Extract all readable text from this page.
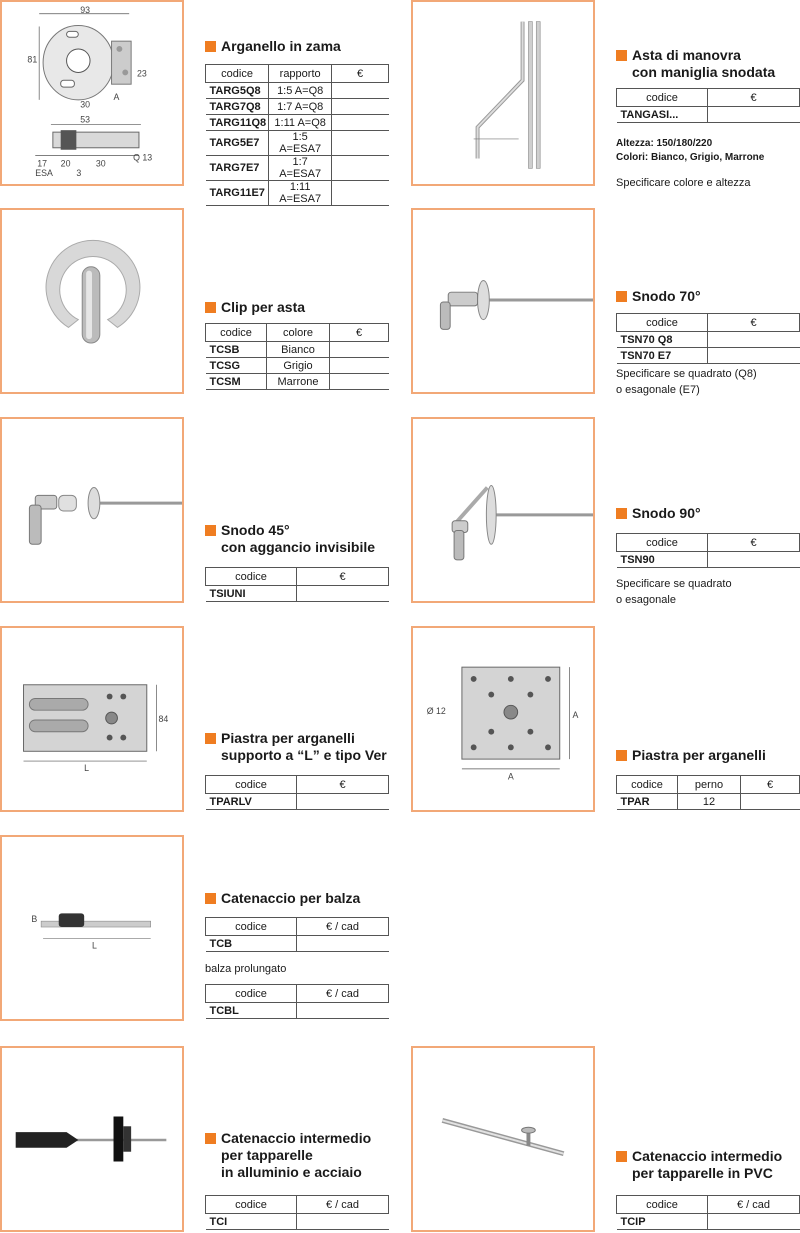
93
81
23
A
53
17 20	30
3
ESA
Q 13
30
Arganello in zama
codice	rapporto	€
TARG5Q8	1:5 A=Q8	
TARG7Q8	1:7 A=Q8	
TARG11Q8	1:11 A=Q8	
TARG5E7	1:5 A=ESA7	
TARG7E7	1:7 A=ESA7	
TARG11E7	1:11 A=ESA7	
Asta di manovra
con maniglia snodata
codice	€
TANGASI...	
Altezza: 150/180/220
Colori: Bianco, Grigio, Marrone
Specificare colore e altezza
Clip per asta
codice	colore	€
TCSB	Bianco	
TCSG	Grigio	
TCSM	Marrone	
Snodo 70°
codice	€
TSN70 Q8	
TSN70 E7	
Specificare se quadrato (Q8)
o esagonale (E7)
Snodo 45°
con aggancio invisibile
codice	€
TSIUNI	
Snodo 90°
codice	€
TSN90	
Specificare se quadrato
o esagonale
84
L
Piastra per arganelli
supporto a “L” e tipo Ver
codice	€
TPARLV	
Ø 12	A
A
Piastra per arganelli
codice	perno	€
TPAR	12	
B
L
Catenaccio per balza
codice	€ / cad
TCB	
balza prolungato
codice	€ / cad
TCBL	
Catenaccio intermedio
per tapparelle
in alluminio e acciaio
codice	€ / cad
TCI	
Catenaccio intermedio
per tapparelle in PVC
codice	€ / cad
TCIP	
